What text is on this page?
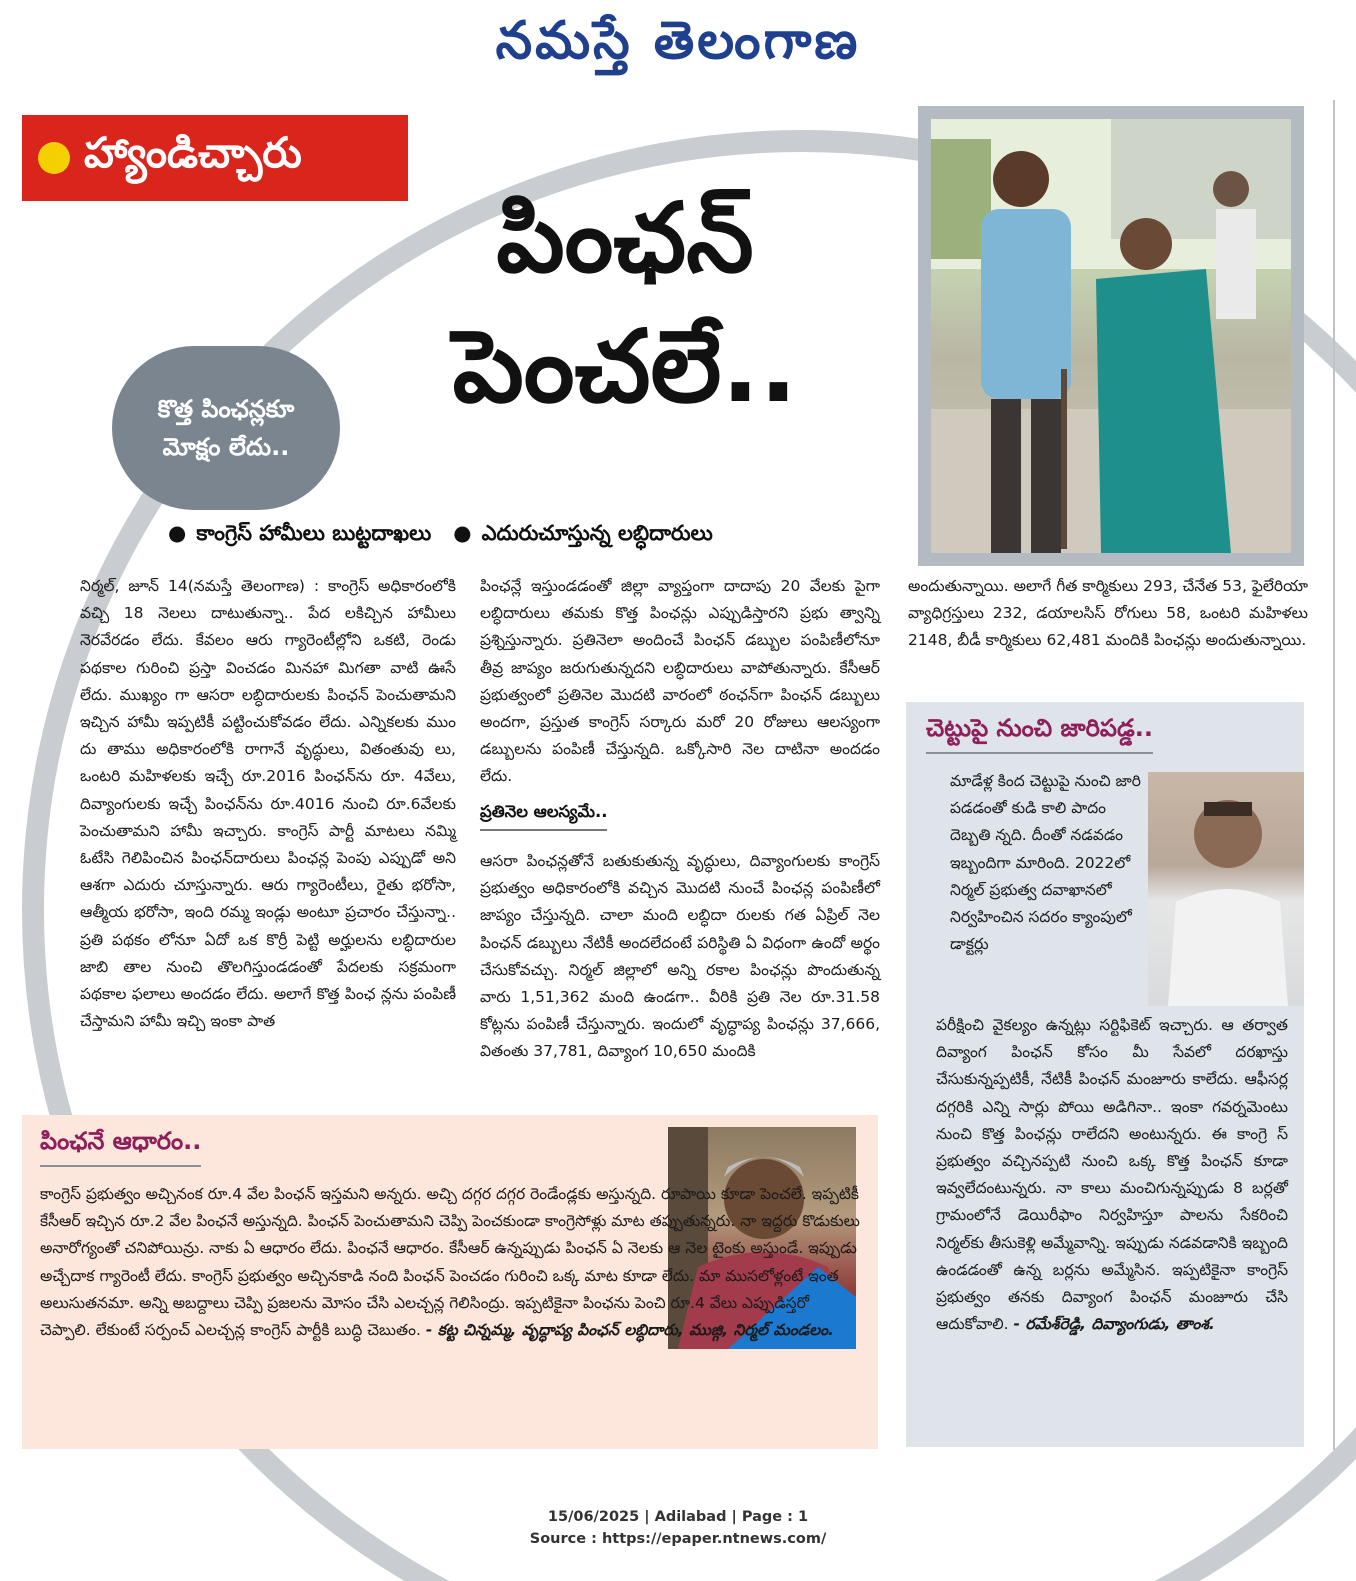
నమస్తే తెలంగాణ
హ్యాండిచ్చారు
పింఛన్
పెంచలే..
కొత్త పింఛన్లకూ
మోక్షం లేదు..
● కాంగ్రెస్ హామీలు బుట్టదాఖలు
●	ఎదురుచూస్తున్న లబ్ధిదారులు
నిర్మల్, జూన్ 14(నమస్తే తెలంగాణ) : కాంగ్రెస్ అధికారంలోకి వచ్చి 18 నెలలు దాటుతున్నా.. పేద లకిచ్చిన హామీలు నెరవేరడం లేదు. కేవలం ఆరు గ్యారెంటీల్లోని ఒకటి, రెండు పథకాల గురించి ప్రస్తా వించడం మినహా మిగతా వాటి ఊసే లేదు. ముఖ్యం గా ఆసరా లబ్ధిదారులకు పింఛన్ పెంచుతామని ఇచ్చిన హామీ ఇప్పటికీ పట్టించుకోవడం లేదు. ఎన్నికలకు ముం దు తాము అధికారంలోకి రాగానే వృద్ధులు, వితంతువు లు, ఒంటరి మహిళలకు ఇచ్చే రూ.2016 పింఛన్‌ను రూ. 4వేలు, దివ్యాంగులకు ఇచ్చే పింఛన్‌ను రూ.4016 నుంచి రూ.6వేలకు పెంచుతామని హామీ ఇచ్చారు. కాంగ్రెస్ పార్టీ మాటలు నమ్మి ఓటేసి గెలిపించిన పింఛన్‌దారులు పింఛన్ల పెంపు ఎప్పుడో అని ఆశగా ఎదురు చూస్తున్నారు. ఆరు గ్యారెంటీలు, రైతు భరోసా, ఆత్మీయ భరోసా, ఇంది రమ్మ ఇండ్లు అంటూ ప్రచారం చేస్తున్నా.. ప్రతి పథకం లోనూ ఏదో ఒక కొర్రీ పెట్టి అర్హులను లబ్ధిదారుల జాబి తాల నుంచి తొలగిస్తుండడంతో పేదలకు సక్రమంగా పథకాల ఫలాలు అందడం లేదు. అలాగే కొత్త పింఛ న్లను పంపిణీ చేస్తామని హామీ ఇచ్చి ఇంకా పాత
పింఛన్లే ఇస్తుండడంతో జిల్లా వ్యాప్తంగా దాదాపు 20 వేలకు పైగా లబ్ధిదారులు తమకు కొత్త పింఛన్లు ఎప్పుడిస్తారని ప్రభు త్వాన్ని ప్రశ్నిస్తున్నారు. ప్రతినెలా అందించే పింఛన్ డబ్బుల పంపిణీలోనూ తీవ్ర జాప్యం జరుగుతున్నదని లబ్ధిదారులు వాపోతున్నారు. కేసీఆర్ ప్రభుత్వంలో ప్రతినెల మొదటి వారంలో ఠంఛన్‌గా పింఛన్ డబ్బులు అందగా, ప్రస్తుత కాంగ్రెస్ సర్కారు మరో 20 రోజులు ఆలస్యంగా డబ్బులను పంపిణీ చేస్తున్నది. ఒక్కోసారి నెల దాటినా అందడం లేదు.
ప్రతినెల ఆలస్యమే..
ఆసరా పింఛన్లతోనే బతుకుతున్న వృద్ధులు, దివ్యాంగులకు కాంగ్రెస్ ప్రభుత్వం అధికారంలోకి వచ్చిన మొదటి నుంచే పింఛన్ల పంపిణీలో జాప్యం చేస్తున్నది. చాలా మంది లబ్ధిదా రులకు గత ఏప్రిల్ నెల పింఛన్ డబ్బులు నేటికీ అందలేదంటే పరిస్థితి ఏ విధంగా ఉందో అర్థం చేసుకోవచ్చు. నిర్మల్ జిల్లాలో అన్ని రకాల పింఛన్లు పొందుతున్న వారు 1,51,362 మంది ఉండగా.. వీరికి ప్రతి నెల రూ.31.58 కోట్లను పంపిణీ చేస్తున్నారు. ఇందులో వృద్ధాప్య పింఛన్లు 37,666, వితంతు 37,781, దివ్యాంగ 10,650 మందికి
అందుతున్నాయి. అలాగే గీత కార్మికులు 293, చేనేత 53, ఫైలేరియా వ్యాధిగ్రస్తులు 232, డయాలసిస్ రోగులు 58, ఒంటరి మహిళలు 2148, బీడీ కార్మికులు 62,481 మందికి పింఛన్లు అందుతున్నాయి.
చెట్టుపై నుంచి జారిపడ్డ..
మాడేళ్ల కింద చెట్టుపై నుంచి జారి పడడంతో కుడి కాలి పాదం దెబ్బతి న్నది. దీంతో నడవడం ఇబ్బందిగా మారింది. 2022లో నిర్మల్ ప్రభుత్వ దవాఖానలో నిర్వహించిన సదరం క్యాంపులో డాక్టర్లు
పరీక్షించి వైకల్యం ఉన్నట్లు సర్టిఫికెట్ ఇచ్చారు. ఆ తర్వాత దివ్యాంగ పింఛన్ కోసం మీ సేవలో దరఖాస్తు చేసుకున్నప్పటికీ, నేటికీ పింఛన్ మంజూరు కాలేదు. ఆఫీసర్ల దగ్గరికి ఎన్ని సార్లు పోయి అడిగినా.. ఇంకా గవర్నమెంటు నుంచి కొత్త పింఛన్లు రాలేదని అంటున్నరు. ఈ కాంగ్రె స్ ప్రభుత్వం వచ్చినప్పటి నుంచి ఒక్క కొత్త పింఛన్ కూడా ఇవ్వలేదంటున్నరు. నా కాలు మంచిగున్నప్పుడు 8 బర్లతో గ్రామంలోనే డెయిరీఫాం నిర్వహిస్తూ పాలను సేకరించి నిర్మల్‌కు తీసుకెళ్లి అమ్మేవాన్ని. ఇప్పుడు నడవడానికి ఇబ్బంది ఉండడంతో ఉన్న బర్లను అమ్మేసిన. ఇప్పటికైనా కాంగ్రెస్ ప్రభుత్వం తనకు దివ్యాంగ పింఛన్ మంజూరు చేసి ఆదుకోవాలి. - రమేశ్‌రెడ్డి, దివ్యాంగుడు, తాంశ.
పింఛనే ఆధారం..
కాంగ్రెస్ ప్రభుత్వం అచ్చినంక రూ.4 వేల పింఛన్ ఇస్తమని అన్నరు. అచ్చి దగ్గర దగ్గర రెండేండ్లకు అస్తున్నది. రూపాయి కూడా పెంచలే. ఇప్పటికీ కేసీఆర్ ఇచ్చిన రూ.2 వేల పింఛనే అస్తున్నది. పింఛన్ పెంచుతామని చెప్పి పెంచకుండా కాంగ్రెసోళ్లు మాట తప్పుతున్నరు. నా ఇద్దరు కొడుకులు అనారోగ్యంతో చనిపోయిన్రు. నాకు ఏ ఆధారం లేదు. పింఛనే ఆధారం. కేసీఆర్ ఉన్నప్పుడు పింఛన్ ఏ నెలకు ఆ నెల టైంకు అస్తుండే. ఇప్పుడు అచ్చేదాక గ్యారెంటీ లేదు. కాంగ్రెస్ ప్రభుత్వం అచ్చినకాడి నంది పింఛన్ పెంచడం గురించి ఒక్క మాట కూడా లేదు. మా ముసలోళ్లంటే ఇంత అలుసుతనమా. అన్ని అబద్దాలు చెప్పి ప్రజలను మోసం చేసి ఎలచ్చన్ల గెలిసింద్రు. ఇప్పటికైనా పింఛను పెంచి రూ.4 వేలు ఎప్పుడిస్తరో చెప్పాలి. లేకుంటే సర్పంచ్ ఎలచ్చన్ల కాంగ్రెస్ పార్టీకి బుద్ధి చెబుతం. - కట్ట చిన్నమ్మ, వృద్ధాప్య పింఛన్ లబ్ధిదారు, ముజ్గి, నిర్మల్ మండలం.
15/06/2025 | Adilabad | Page : 1
Source : https://epaper.ntnews.com/
